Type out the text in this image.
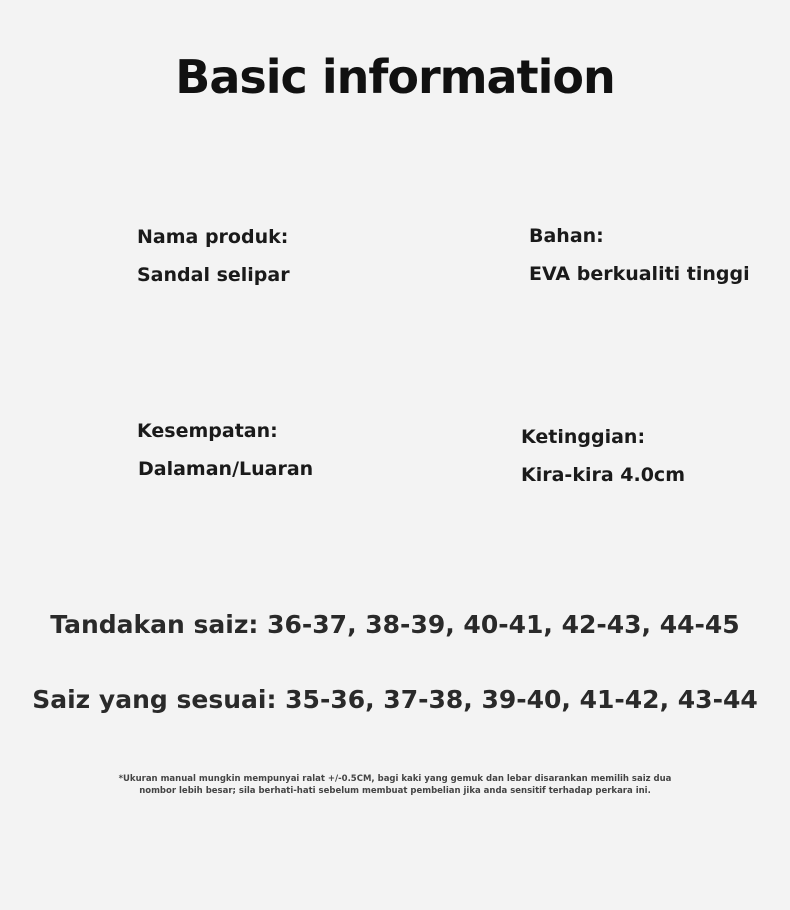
Basic information
Nama produk:
Sandal selipar
Bahan:
EVA berkualiti tinggi
Kesempatan:
Dalaman/Luaran
Ketinggian:
Kira-kira 4.0cm

Tandakan saiz: 36-37, 38-39, 40-41, 42-43, 44-45

Saiz yang sesuai: 35-36, 37-38, 39-40, 41-42, 43-44

*Ukuran manual mungkin mempunyai ralat +/-0.5CM, bagi kaki yang gemuk dan lebar disarankan memilih saiz dua
nombor lebih besar; sila berhati-hati sebelum membuat pembelian jika anda sensitif terhadap perkara ini.
